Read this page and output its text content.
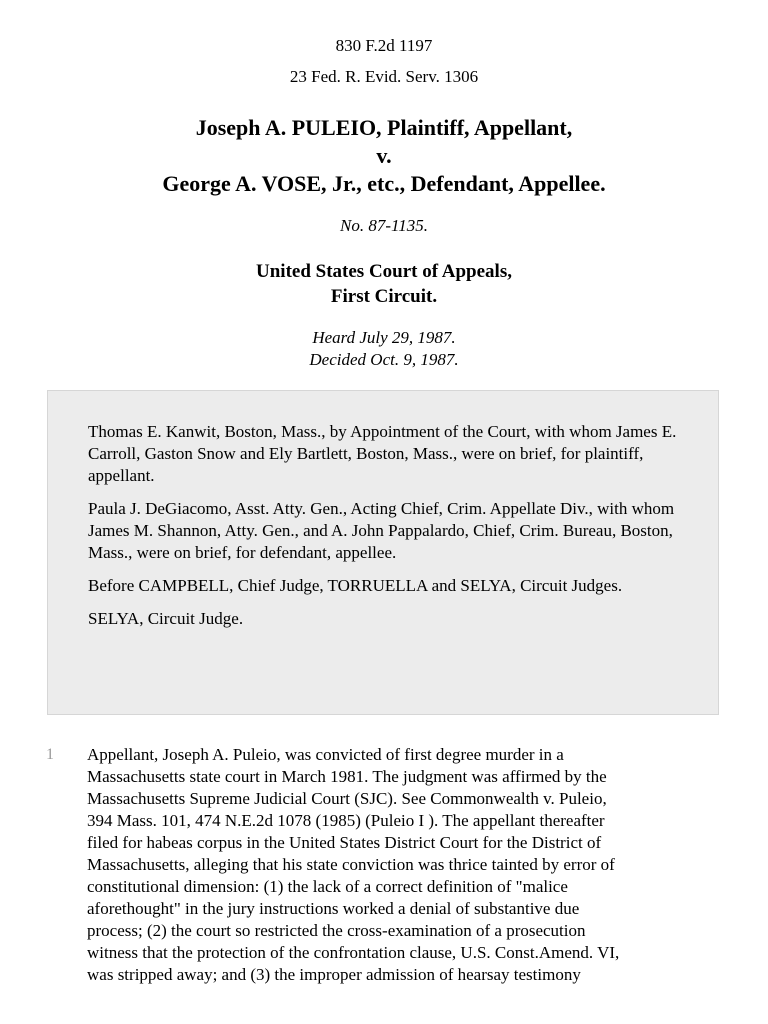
830 F.2d 1197
23 Fed. R. Evid. Serv. 1306
Joseph A. PULEIO, Plaintiff, Appellant,
v.
George A. VOSE, Jr., etc., Defendant, Appellee.
No. 87-1135.
United States Court of Appeals,
First Circuit.
Heard July 29, 1987.
Decided Oct. 9, 1987.

Thomas E. Kanwit, Boston, Mass., by Appointment of the Court, with whom James E. Carroll, Gaston Snow and Ely Bartlett, Boston, Mass., were on brief, for plaintiff, appellant.

Paula J. DeGiacomo, Asst. Atty. Gen., Acting Chief, Crim. Appellate Div., with whom James M. Shannon, Atty. Gen., and A. John Pappalardo, Chief, Crim. Bureau, Boston, Mass., were on brief, for defendant, appellee.

Before CAMPBELL, Chief Judge, TORRUELLA and SELYA, Circuit Judges.

SELYA, Circuit Judge.

1 Appellant, Joseph A. Puleio, was convicted of first degree murder in a
Massachusetts state court in March 1981. The judgment was affirmed by the
Massachusetts Supreme Judicial Court (SJC). See Commonwealth v. Puleio,
394 Mass. 101, 474 N.E.2d 1078 (1985) (Puleio I ). The appellant thereafter
filed for habeas corpus in the United States District Court for the District of
Massachusetts, alleging that his state conviction was thrice tainted by error of
constitutional dimension: (1) the lack of a correct definition of "malice
aforethought" in the jury instructions worked a denial of substantive due
process; (2) the court so restricted the cross-examination of a prosecution
witness that the protection of the confrontation clause, U.S. Const.Amend. VI,
was stripped away; and (3) the improper admission of hearsay testimony
